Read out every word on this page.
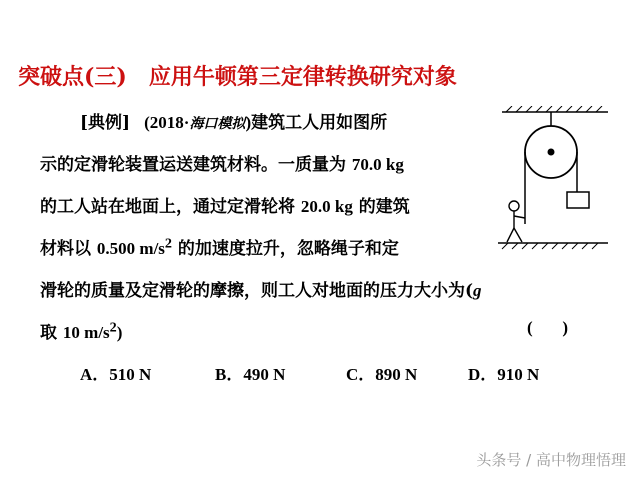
突破点(三) 应用牛顿第三定律转换研究对象
[典例] (2018·海口模拟)建筑工人用如图所
示的定滑轮装置运送建筑材料。一质量为 70.0 kg
的工人站在地面上，通过定滑轮将 20.0 kg 的建筑
材料以 0.500 $m/s^2$ 的加速度拉升，忽略绳子和定
滑轮的质量及定滑轮的摩擦，则工人对地面的压力大小为(g
取 10 $m/s^2$)	(       )
A．510 N	B．490 N	C．890 N	D．910 N
头条号 / 高中物理悟理
